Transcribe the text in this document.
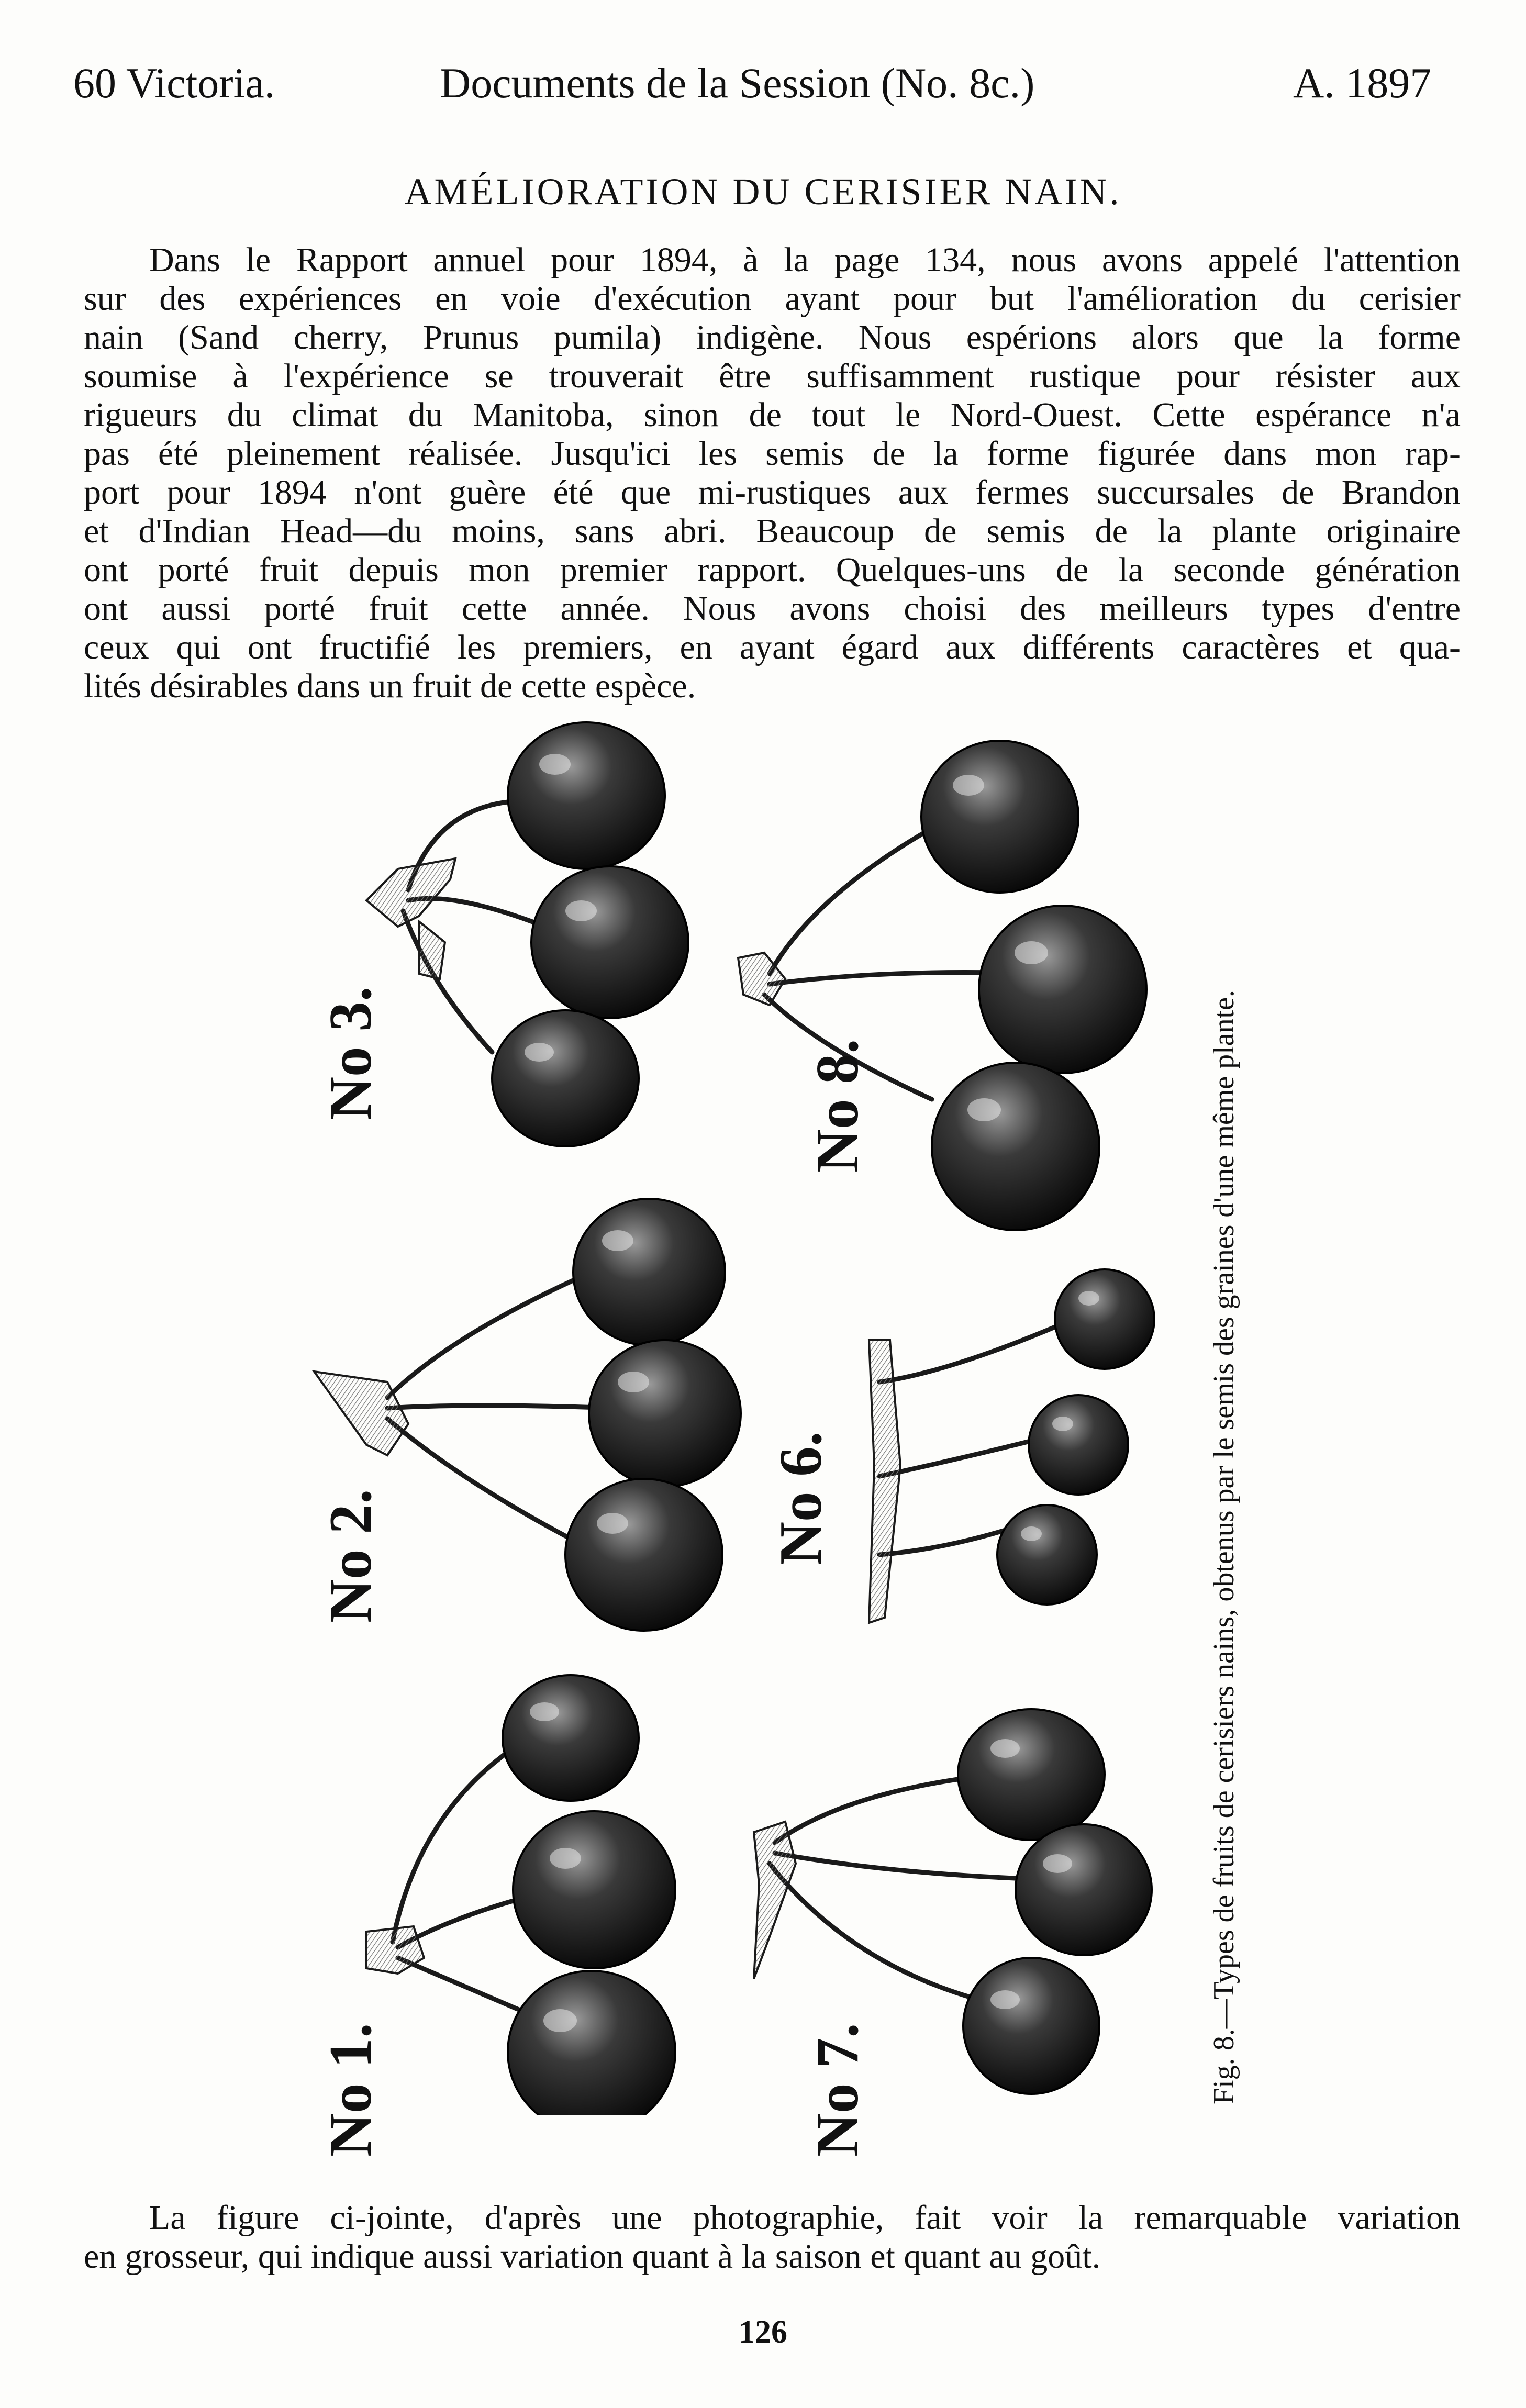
60 Victoria.	Documents de la Session (No. 8c.)	A. 1897
AMÉLIORATION DU CERISIER NAIN.
Dans le Rapport annuel pour 1894, à la page 134, nous avons appelé l'attention
sur des expériences en voie d'exécution ayant pour but l'amélioration du cerisier
nain (Sand cherry, Prunus pumila) indigène. Nous espérions alors que la forme
soumise à l'expérience se trouverait être suffisamment rustique pour résister aux
rigueurs du climat du Manitoba, sinon de tout le Nord-Ouest. Cette espérance n'a
pas été pleinement réalisée. Jusqu'ici les semis de la forme figurée dans mon rap-
port pour 1894 n'ont guère été que mi-rustiques aux fermes succursales de Brandon
et d'Indian Head—du moins, sans abri. Beaucoup de semis de la plante originaire
ont porté fruit depuis mon premier rapport. Quelques-uns de la seconde génération
ont aussi porté fruit cette année. Nous avons choisi des meilleurs types d'entre
ceux qui ont fructifié les premiers, en ayant égard aux différents caractères et qua-
lités désirables dans un fruit de cette espèce.
No 1.
No 2.
No 3.
No 7.
No 6.
No 8.	Fig. 8.—Types de fruits de cerisiers nains, obtenus par le semis des graines d'une même plante.
La figure ci-jointe, d'après une photographie, fait voir la remarquable variation
en grosseur, qui indique aussi variation quant à la saison et quant au goût.
126
